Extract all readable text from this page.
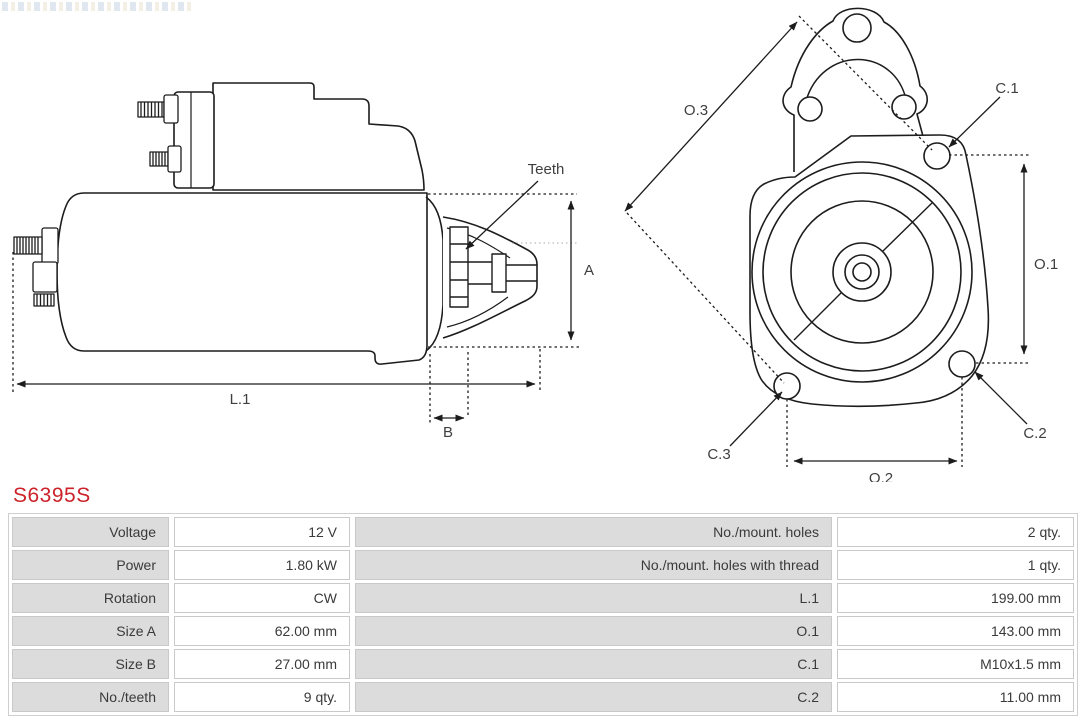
Teeth
A
L.1
B
O.3
O.1
O.2
C.1
C.2
C.3
S6395S
Voltage	12 V	No./mount. holes	2 qty.
Power	1.80 kW	No./mount. holes with thread	1 qty.
Rotation	CW	L.1	199.00 mm
Size A	62.00 mm	O.1	143.00 mm
Size B	27.00 mm	C.1	M10x1.5 mm
No./teeth	9 qty.	C.2	11.00 mm
